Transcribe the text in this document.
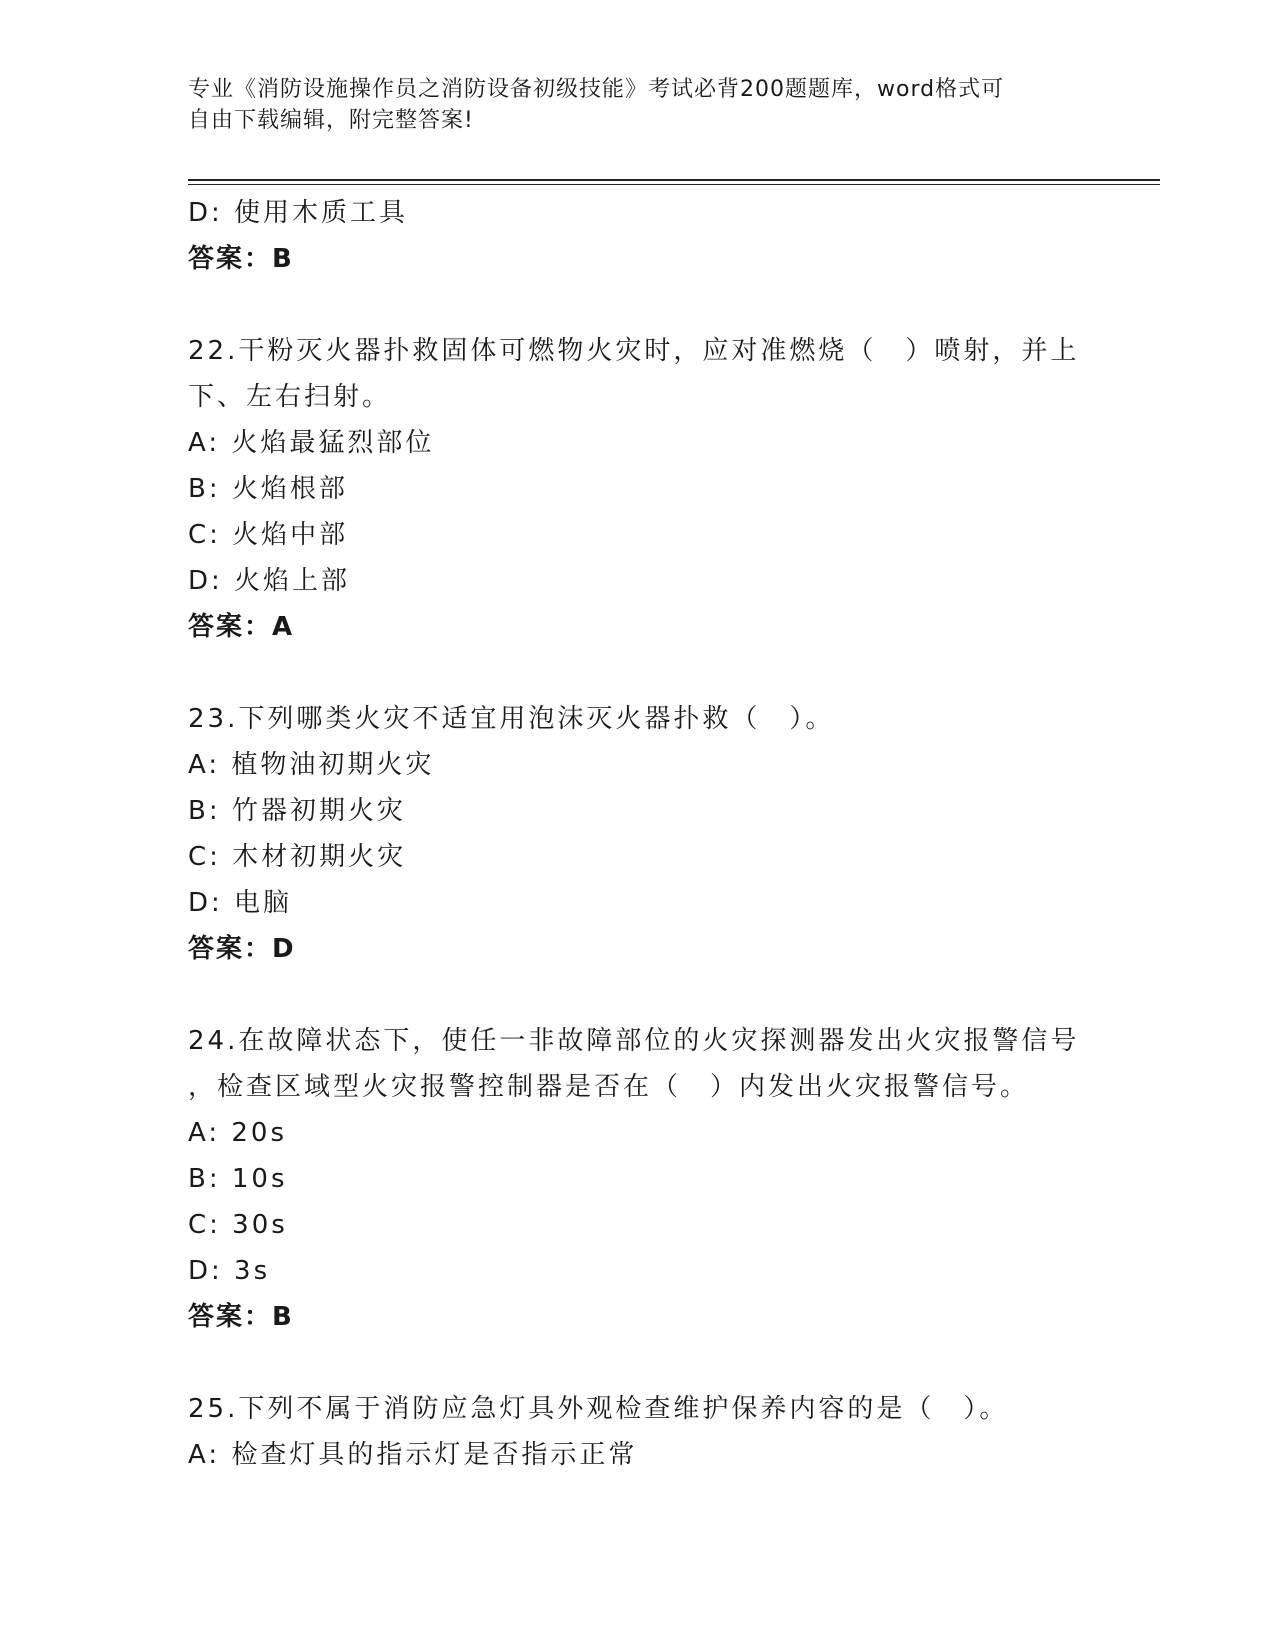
专业《消防设施操作员之消防设备初级技能》考试必背200题题库，word格式可
自由下载编辑，附完整答案!
D: 使用木质工具
答案：B
22.干粉灭火器扑救固体可燃物火灾时，应对准燃烧（　）喷射，并上
下、左右扫射。
A: 火焰最猛烈部位
B: 火焰根部
C: 火焰中部
D: 火焰上部
答案：A
23.下列哪类火灾不适宜用泡沫灭火器扑救（　）。
A: 植物油初期火灾
B: 竹器初期火灾
C: 木材初期火灾
D: 电脑
答案：D
24.在故障状态下，使任一非故障部位的火灾探测器发出火灾报警信号
，检查区域型火灾报警控制器是否在（　）内发出火灾报警信号。
A: 20s
B: 10s
C: 30s
D: 3s
答案：B
25.下列不属于消防应急灯具外观检查维护保养内容的是（　）。
A: 检查灯具的指示灯是否指示正常
